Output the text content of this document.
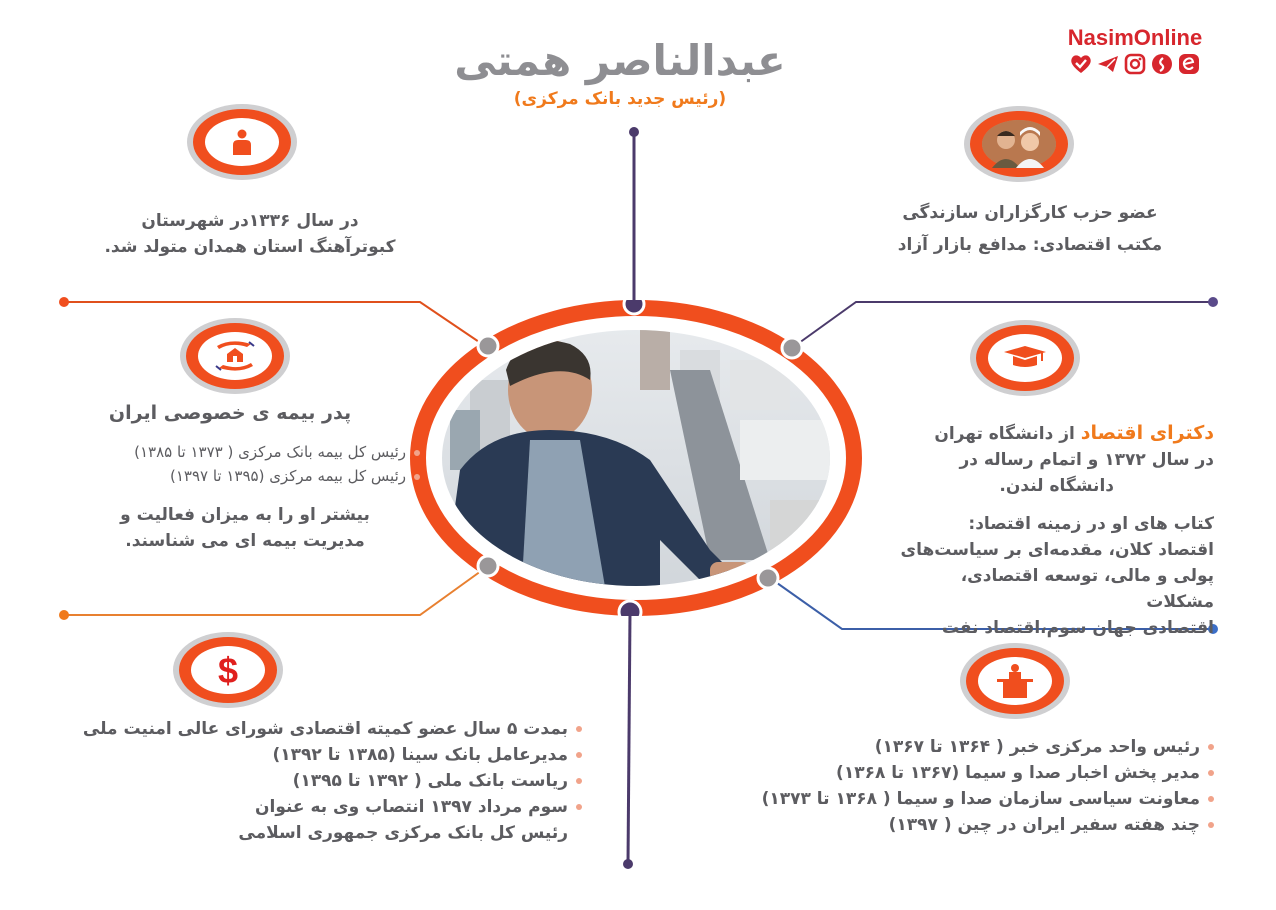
NasimOnline
عبدالناصر همتی
(رئیس جدید بانک مرکزی)
در سال ۱۳۳۶در شهرستان
کبوترآهنگ استان همدان متولد شد.
عضو حزب کارگزاران سازندگی
مکتب اقتصادی: مدافع بازار آزاد
پدر بیمه ی خصوصی ایران
رئیس کل بیمه بانک مرکزی ( ۱۳۷۳ تا ۱۳۸۵)
رئیس کل بیمه مرکزی (۱۳۹۵ تا ۱۳۹۷)
بیشتر او را به میزان فعالیت و
مدیریت بیمه ای می شناسند.
دکترای اقتصاد از دانشگاه تهران
در سال ۱۳۷۲ و اتمام رساله در
دانشگاه لندن.
کتاب های او در زمینه اقتصاد:
اقتصاد کلان، مقدمه‌ای بر سیاست‌های
پولی و مالی، توسعه اقتصادی، مشکلات
اقتصادی جهان سوم،اقتصاد نفت
$
بمدت ۵ سال عضو کمیته اقتصادی شورای عالی امنیت ملی
مدیرعامل بانک سینا (۱۳۸۵ تا ۱۳۹۲)
ریاست بانک ملی ( ۱۳۹۲ تا ۱۳۹۵)
سوم مرداد ۱۳۹۷ انتصاب وی به عنوان
رئیس کل بانک مرکزی جمهوری اسلامی
رئیس واحد مرکزی خبر ( ۱۳۶۴ تا ۱۳۶۷)
مدیر پخش اخبار صدا و سیما (۱۳۶۷ تا ۱۳۶۸)
معاونت سیاسی سازمان صدا و سیما ( ۱۳۶۸ تا ۱۳۷۳)
چند هفته سفیر ایران در چین ( ۱۳۹۷)
